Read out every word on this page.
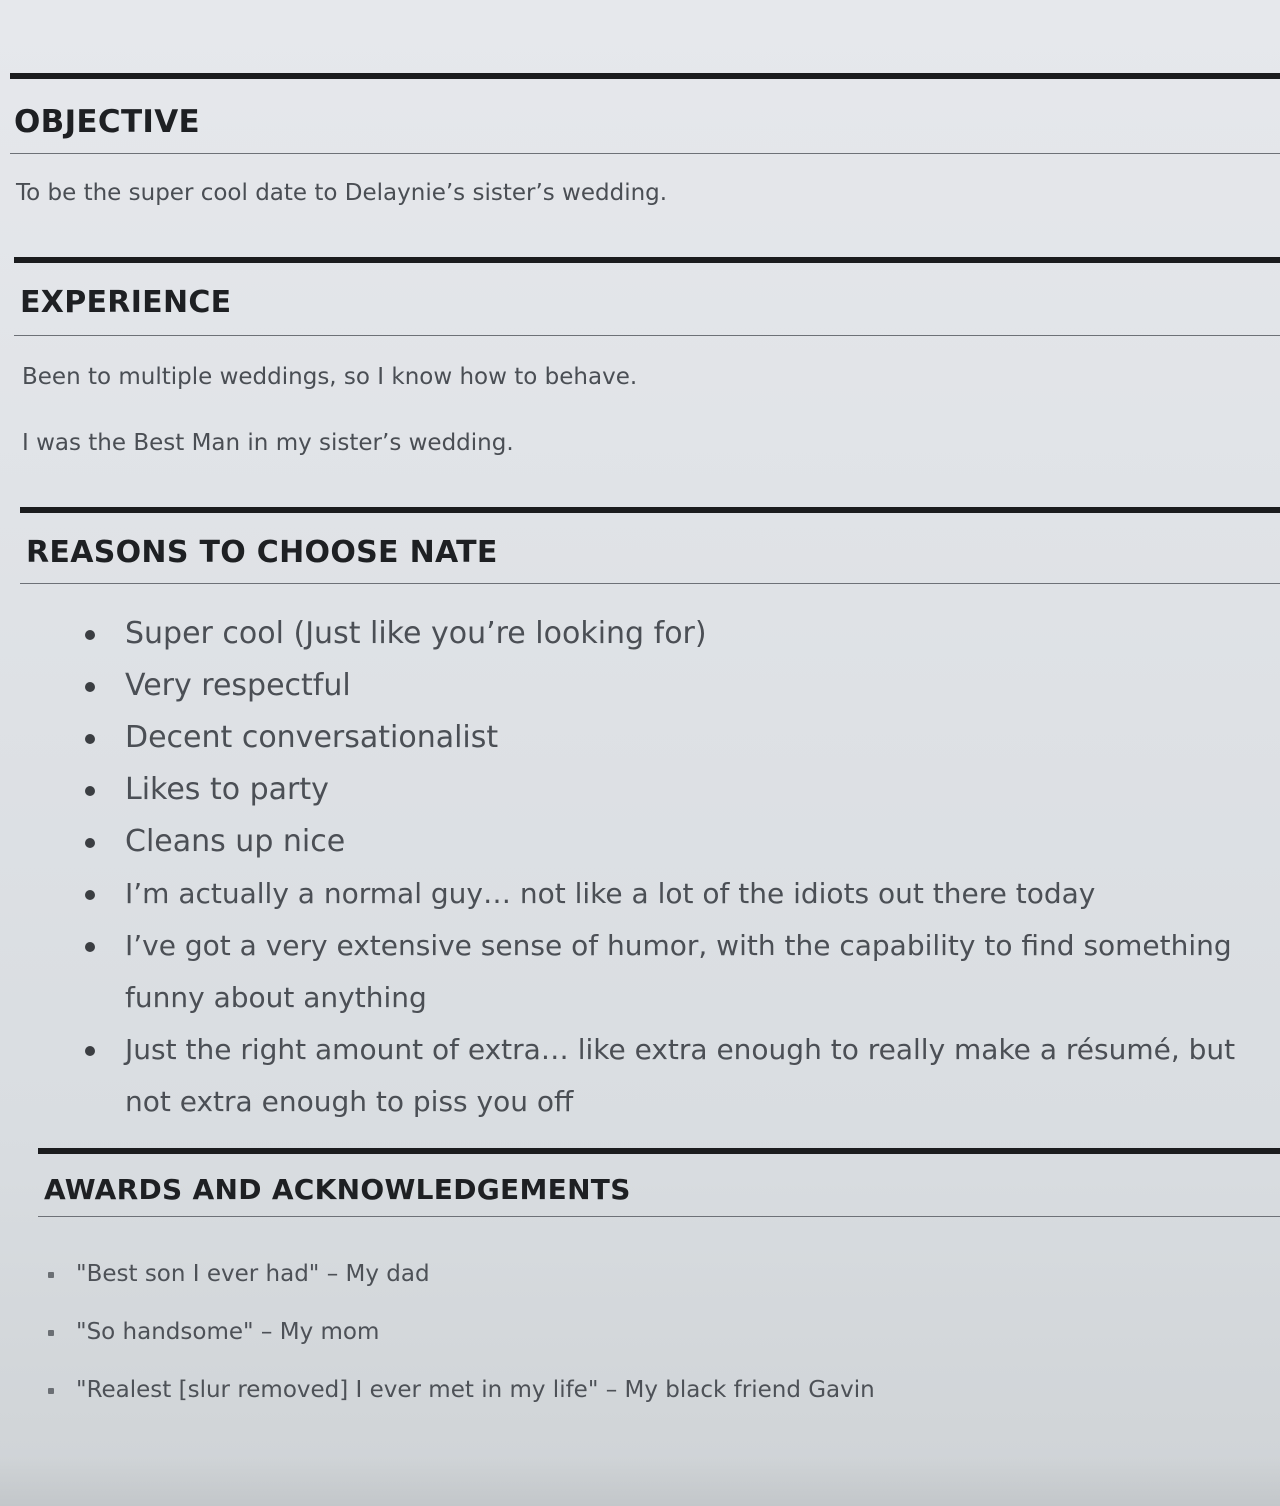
OBJECTIVE

To be the super cool date to Delaynie’s sister’s wedding.

EXPERIENCE

Been to multiple weddings, so I know how to behave.

I was the Best Man in my sister’s wedding.

REASONS TO CHOOSE NATE
Super cool (Just like you’re looking for)
Very respectful
Decent conversationalist
Likes to party
Cleans up nice
I’m actually a normal guy… not like a lot of the idiots out there today
I’ve got a very extensive sense of humor, with the capability to find something funny about anything
Just the right amount of extra… like extra enough to really make a résumé, but not extra enough to piss you off
AWARDS AND ACKNOWLEDGEMENTS
"Best son I ever had" – My dad
"So handsome" – My mom
"Realest [slur removed] I ever met in my life" – My black friend Gavin
